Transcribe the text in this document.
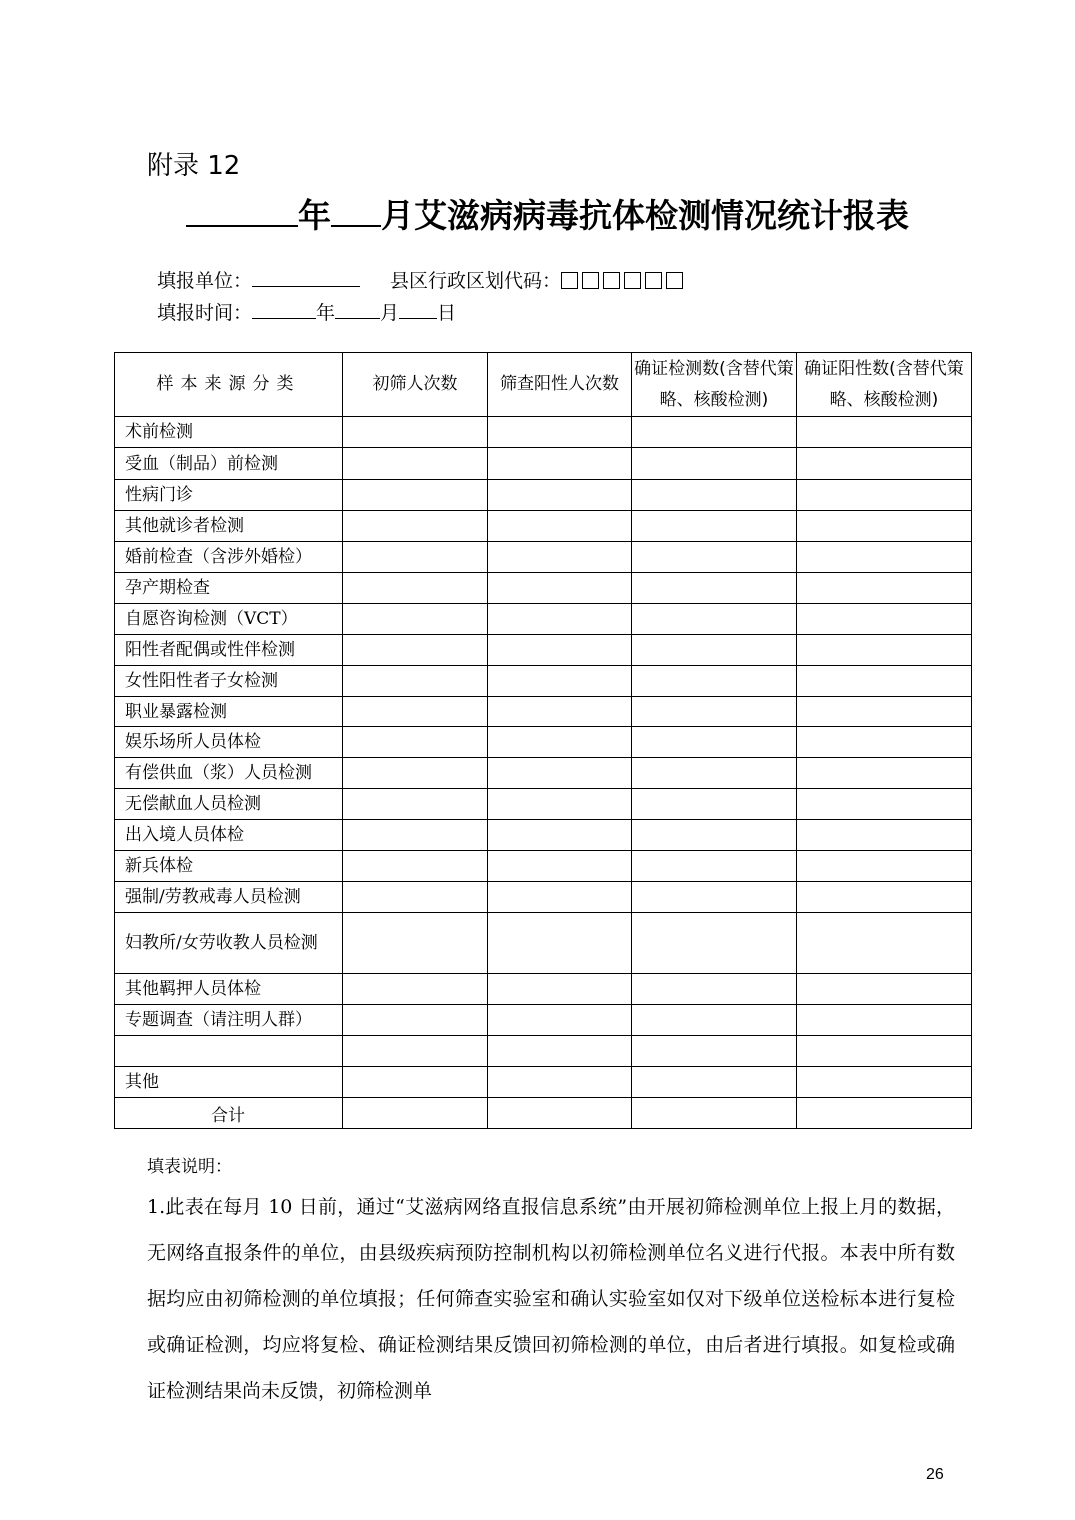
附录 12
年 月艾滋病病毒抗体检测情况统计报表
填报单位：	县区行政区划代码：
填报时间：	年 月 日
样本来源分类	初筛人次数	筛查阳性人次数	确证检测数(含替代策略、核酸检测)	确证阳性数(含替代策略、核酸检测)
术前检测				
受血（制品）前检测				
性病门诊				
其他就诊者检测				
婚前检查（含涉外婚检）				
孕产期检查				
自愿咨询检测（VCT）				
阳性者配偶或性伴检测				
女性阳性者子女检测				
职业暴露检测				
娱乐场所人员体检				
有偿供血（浆）人员检测				
无偿献血人员检测				
出入境人员体检				
新兵体检				
强制/劳教戒毒人员检测				
妇教所/女劳收教人员检测				
其他羁押人员体检				
专题调查（请注明人群）				

其他				
合计				
填表说明：
1.此表在每月 10 日前，通过“艾滋病网络直报信息系统”由开展初筛检测单位上报上月的数据，无网络直报条件的单位，由县级疾病预防控制机构以初筛检测单位名义进行代报。本表中所有数据均应由初筛检测的单位填报；任何筛查实验室和确认实验室如仅对下级单位送检标本进行复检或确证检测，均应将复检、确证检测结果反馈回初筛检测的单位，由后者进行填报。如复检或确证检测结果尚未反馈，初筛检测单
26
